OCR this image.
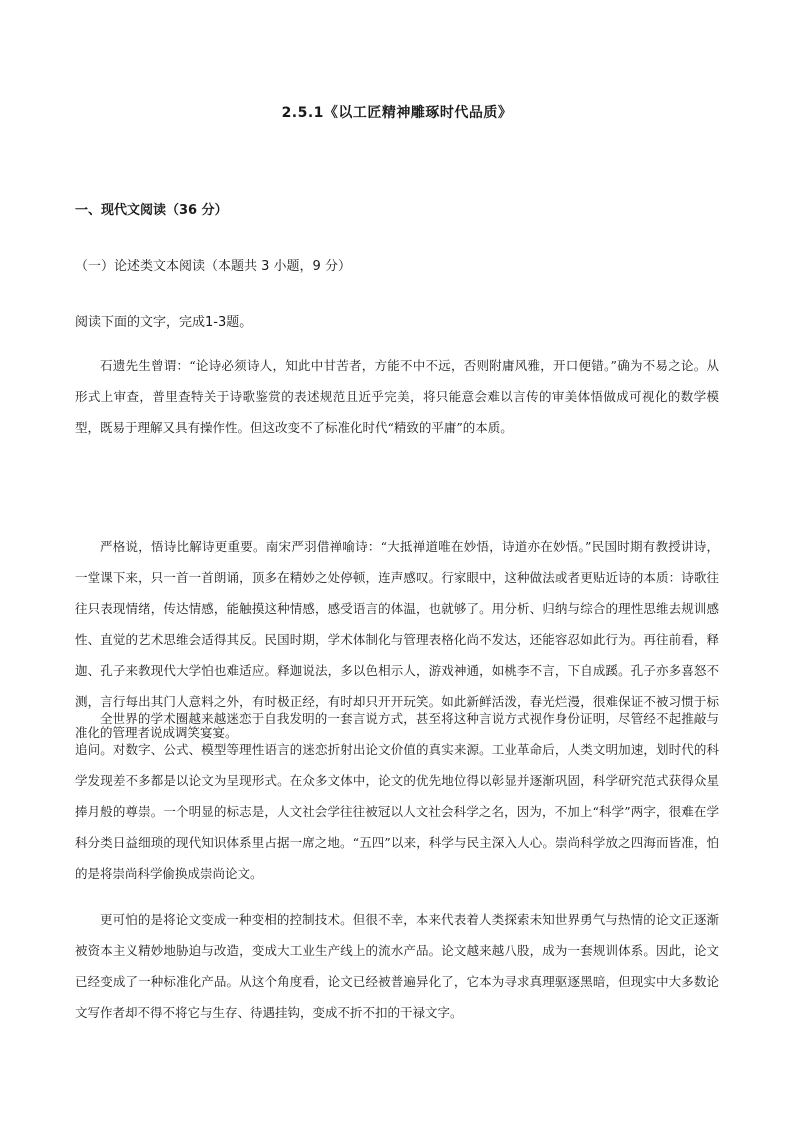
2.5.1《以工匠精神雕琢时代品质》
一、现代文阅读（36 分）
（一）论述类文本阅读（本题共 3 小题，9 分）
阅读下面的文字，完成1-3题。

石遗先生曾谓：“论诗必须诗人，知此中甘苦者，方能不中不远，否则附庸风雅，开口便错。”确为不易之论。从形式上审查，普里查特关于诗歌鉴赏的表述规范且近乎完美，将只能意会难以言传的审美体悟做成可视化的数学模型，既易于理解又具有操作性。但这改变不了标准化时代“精致的平庸”的本质。

严格说，悟诗比解诗更重要。南宋严羽借禅喻诗：“大抵禅道唯在妙悟，诗道亦在妙悟。”民国时期有教授讲诗，一堂课下来，只一首一首朗诵，顶多在精妙之处停顿，连声感叹。行家眼中，这种做法或者更贴近诗的本质：诗歌往往只表现情绪，传达情感，能触摸这种情感，感受语言的体温，也就够了。用分析、归纳与综合的理性思维去规训感性、直觉的艺术思维会适得其反。民国时期，学术体制化与管理表格化尚不发达，还能容忍如此行为。再往前看，释迦、孔子来教现代大学怕也难适应。释迦说法，多以色相示人，游戏神通，如桃李不言，下自成蹊。孔子亦多喜怒不测，言行每出其门人意料之外，有时极正经，有时却只开开玩笑。如此新鲜活泼，春光烂漫，很难保证不被习惯于标准化的管理者说成调笑宴宴。

全世界的学术圈越来越迷恋于自我发明的一套言说方式，甚至将这种言说方式视作身份证明，尽管经不起推敲与追问。对数字、公式、模型等理性语言的迷恋折射出论文价值的真实来源。工业革命后，人类文明加速，划时代的科学发现差不多都是以论文为呈现形式。在众多文体中，论文的优先地位得以彰显并逐渐巩固，科学研究范式获得众星捧月般的尊崇。一个明显的标志是，人文社会学往往被冠以人文社会科学之名，因为，不加上“科学”两字，很难在学科分类日益细琐的现代知识体系里占据一席之地。“五四”以来，科学与民主深入人心。崇尚科学放之四海而皆准，怕的是将崇尚科学偷换成崇尚论文。

更可怕的是将论文变成一种变相的控制技术。但很不幸，本来代表着人类探索未知世界勇气与热情的论文正逐渐被资本主义精妙地胁迫与改造，变成大工业生产线上的流水产品。论文越来越八股，成为一套规训体系。因此，论文已经变成了一种标准化产品。从这个角度看，论文已经被普遍异化了，它本为寻求真理驱逐黑暗，但现实中大多数论文写作者却不得不将它与生存、待遇挂钩，变成不折不扣的干禄文字。
